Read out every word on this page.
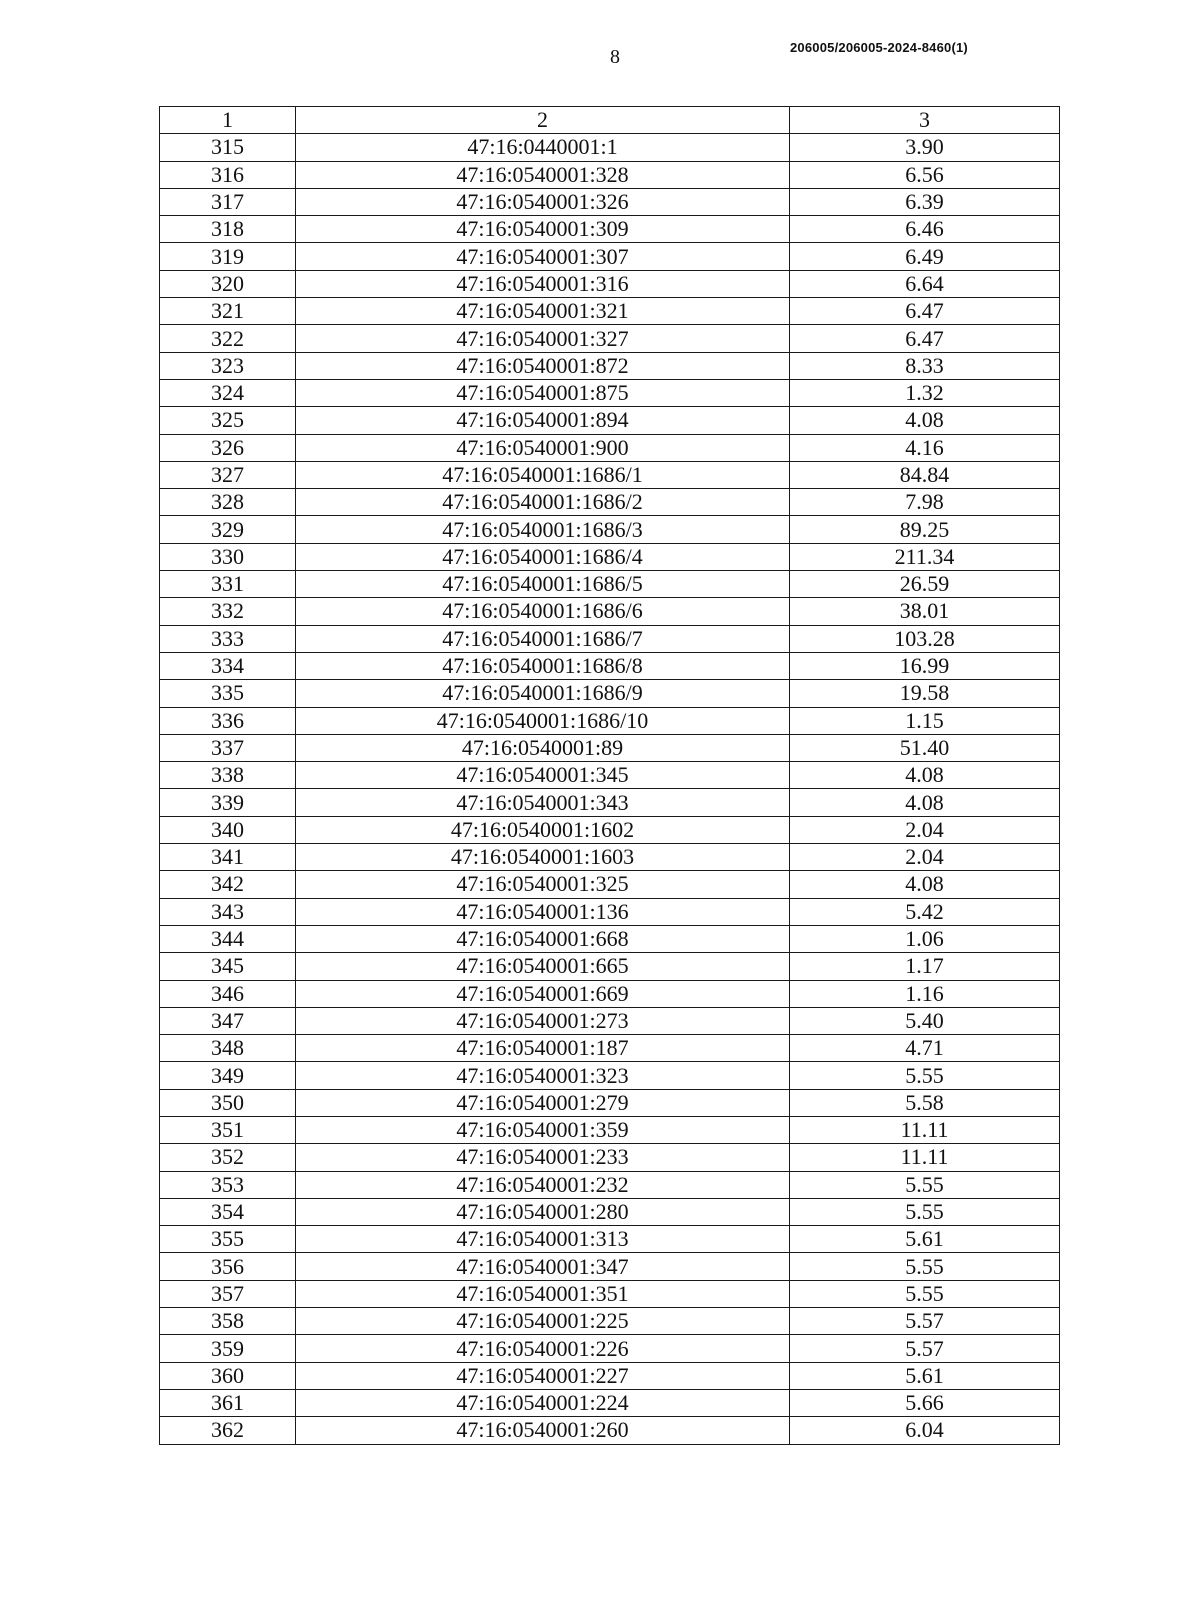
8	206005/206005-2024-8460(1)
1	2	3
315	47:16:0440001:1	3.90
316	47:16:0540001:328	6.56
317	47:16:0540001:326	6.39
318	47:16:0540001:309	6.46
319	47:16:0540001:307	6.49
320	47:16:0540001:316	6.64
321	47:16:0540001:321	6.47
322	47:16:0540001:327	6.47
323	47:16:0540001:872	8.33
324	47:16:0540001:875	1.32
325	47:16:0540001:894	4.08
326	47:16:0540001:900	4.16
327	47:16:0540001:1686/1	84.84
328	47:16:0540001:1686/2	7.98
329	47:16:0540001:1686/3	89.25
330	47:16:0540001:1686/4	211.34
331	47:16:0540001:1686/5	26.59
332	47:16:0540001:1686/6	38.01
333	47:16:0540001:1686/7	103.28
334	47:16:0540001:1686/8	16.99
335	47:16:0540001:1686/9	19.58
336	47:16:0540001:1686/10	1.15
337	47:16:0540001:89	51.40
338	47:16:0540001:345	4.08
339	47:16:0540001:343	4.08
340	47:16:0540001:1602	2.04
341	47:16:0540001:1603	2.04
342	47:16:0540001:325	4.08
343	47:16:0540001:136	5.42
344	47:16:0540001:668	1.06
345	47:16:0540001:665	1.17
346	47:16:0540001:669	1.16
347	47:16:0540001:273	5.40
348	47:16:0540001:187	4.71
349	47:16:0540001:323	5.55
350	47:16:0540001:279	5.58
351	47:16:0540001:359	11.11
352	47:16:0540001:233	11.11
353	47:16:0540001:232	5.55
354	47:16:0540001:280	5.55
355	47:16:0540001:313	5.61
356	47:16:0540001:347	5.55
357	47:16:0540001:351	5.55
358	47:16:0540001:225	5.57
359	47:16:0540001:226	5.57
360	47:16:0540001:227	5.61
361	47:16:0540001:224	5.66
362	47:16:0540001:260	6.04
